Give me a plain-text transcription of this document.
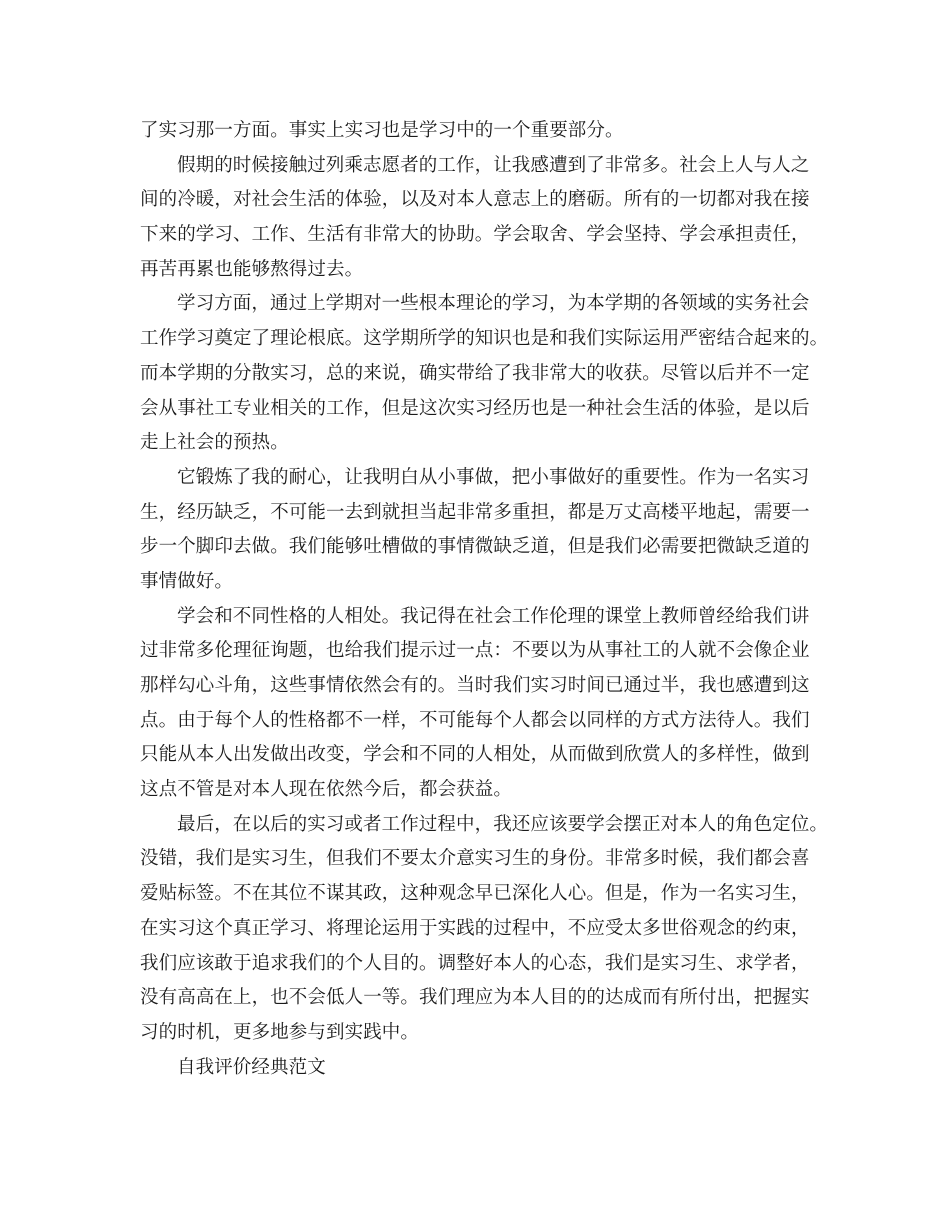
了实习那一方面。事实上实习也是学习中的一个重要部分。
假期的时候接触过列乘志愿者的工作，让我感遭到了非常多。社会上人与人之
间的冷暖，对社会生活的体验，以及对本人意志上的磨砺。所有的一切都对我在接
下来的学习、工作、生活有非常大的协助。学会取舍、学会坚持、学会承担责任，
再苦再累也能够熬得过去。
学习方面，通过上学期对一些根本理论的学习，为本学期的各领域的实务社会
工作学习奠定了理论根底。这学期所学的知识也是和我们实际运用严密结合起来的。
而本学期的分散实习，总的来说，确实带给了我非常大的收获。尽管以后并不一定
会从事社工专业相关的工作，但是这次实习经历也是一种社会生活的体验，是以后
走上社会的预热。
它锻炼了我的耐心，让我明白从小事做，把小事做好的重要性。作为一名实习
生，经历缺乏，不可能一去到就担当起非常多重担，都是万丈高楼平地起，需要一
步一个脚印去做。我们能够吐槽做的事情微缺乏道，但是我们必需要把微缺乏道的
事情做好。
学会和不同性格的人相处。我记得在社会工作伦理的课堂上教师曾经给我们讲
过非常多伦理征询题，也给我们提示过一点：不要以为从事社工的人就不会像企业
那样勾心斗角，这些事情依然会有的。当时我们实习时间已通过半，我也感遭到这
点。由于每个人的性格都不一样，不可能每个人都会以同样的方式方法待人。我们
只能从本人出发做出改变，学会和不同的人相处，从而做到欣赏人的多样性，做到
这点不管是对本人现在依然今后，都会获益。
最后，在以后的实习或者工作过程中，我还应该要学会摆正对本人的角色定位。
没错，我们是实习生，但我们不要太介意实习生的身份。非常多时候，我们都会喜
爱贴标签。不在其位不谋其政，这种观念早已深化人心。但是，作为一名实习生，
在实习这个真正学习、将理论运用于实践的过程中，不应受太多世俗观念的约束，
我们应该敢于追求我们的个人目的。调整好本人的心态，我们是实习生、求学者，
没有高高在上，也不会低人一等。我们理应为本人目的的达成而有所付出，把握实
习的时机，更多地参与到实践中。
自我评价经典范文
